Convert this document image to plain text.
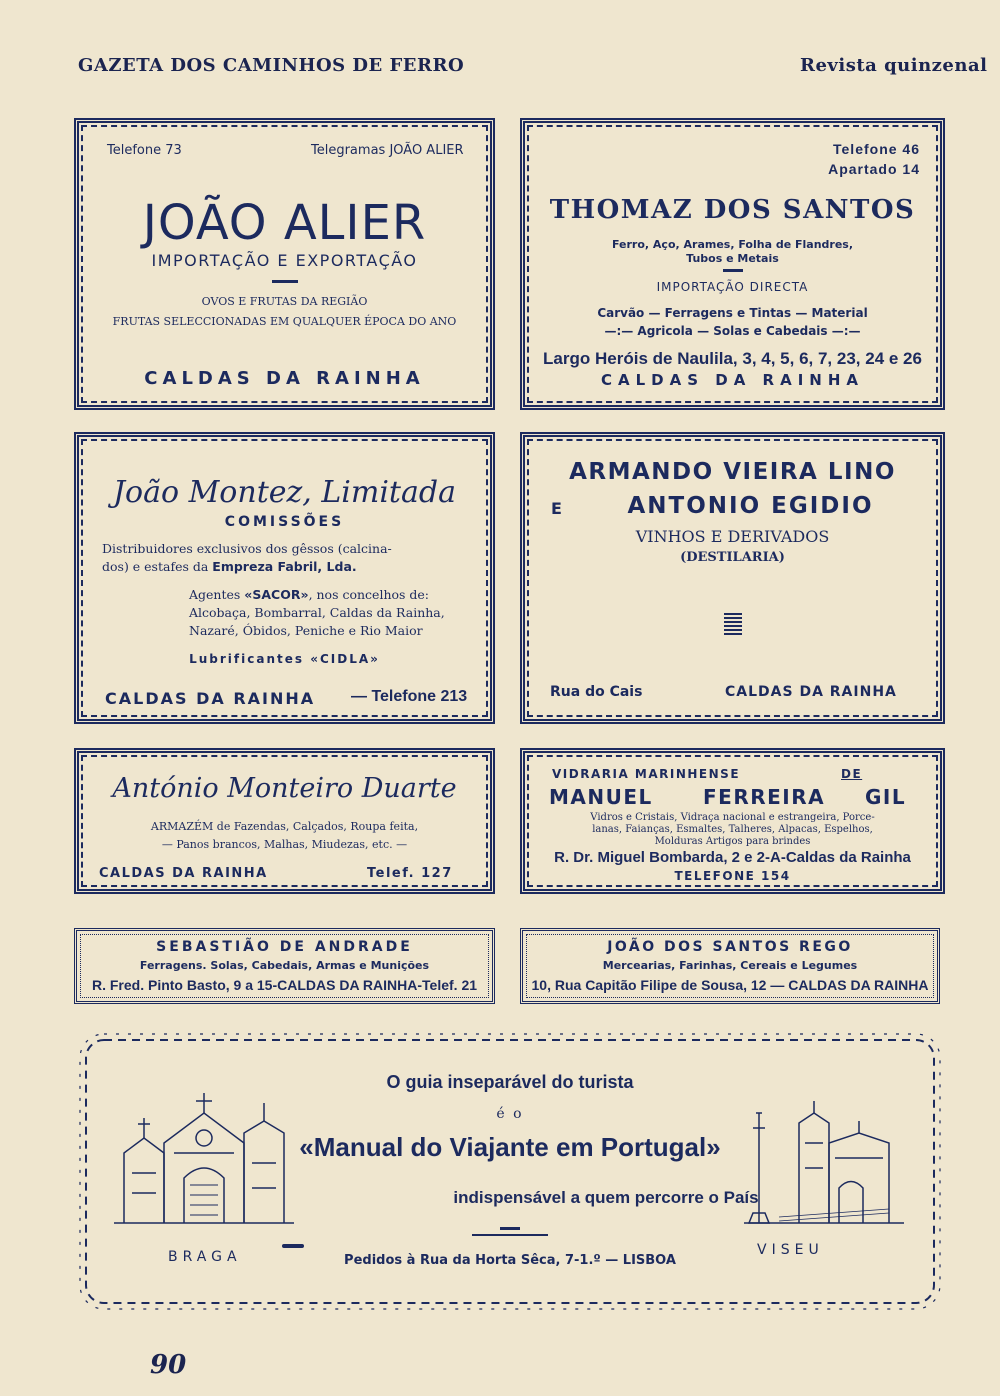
GAZETA DOS CAMINHOS DE FERRO	Revista quinzenal
Telefone 73	Telegramas JOÃO ALIER
JOÃO ALIER
IMPORTAÇÃO E EXPORTAÇÃO
OVOS E FRUTAS DA REGIÃO
FRUTAS SELECCIONADAS EM QUALQUER ÉPOCA DO ANO
CALDAS DA RAINHA
Telefone 46
Apartado 14
THOMAZ DOS SANTOS
Ferro, Aço, Arames, Folha de Flandres,
Tubos e Metais
IMPORTAÇÃO DIRECTA
Carvão — Ferragens e Tintas — Material
—:— Agricola — Solas e Cabedais —:—
Largo Heróis de Naulila, 3, 4, 5, 6, 7, 23, 24 e 26
CALDAS DA RAINHA
João Montez, Limitada
COMISSÕES
Distribuidores exclusivos dos gêssos (calcina-
dos) e estafes da Empreza Fabril, Lda.
Agentes «SACOR», nos concelhos de:
Alcobaça, Bombarral, Caldas da Rainha,
Nazaré, Óbidos, Peniche e Rio Maior
Lubrificantes «CIDLA»
CALDAS DA RAINHA — Telefone 213
ARMANDO VIEIRA LINO
E	ANTONIO EGIDIO
VINHOS E DERIVADOS
(DESTILARIA)
Rua do Cais	CALDAS DA RAINHA
António Monteiro Duarte
ARMAZÉM de Fazendas, Calçados, Roupa feita,
— Panos brancos, Malhas, Miudezas, etc. —
CALDAS DA RAINHA	Telef. 127
VIDRARIA MARINHENSE	DE
MANUEL	FERREIRA GIL
Vidros e Cristais, Vidraça nacional e estrangeira, Porce-
lanas, Faianças, Esmaltes, Talheres, Alpacas, Espelhos,
Molduras Artigos para brindes
R. Dr. Miguel Bombarda, 2 e 2-A-Caldas da Rainha
TELEFONE 154
SEBASTIÃO DE ANDRADE
Ferragens. Solas, Cabedais, Armas e Munições
R. Fred. Pinto Basto, 9 a 15-CALDAS DA RAINHA-Telef. 21
JOÃO DOS SANTOS REGO
Mercearias, Farinhas, Cereais e Legumes
10, Rua Capitão Filipe de Sousa, 12 — CALDAS DA RAINHA
BRAGA	VISEU
O guia inseparável do turista
é o
«Manual do Viajante em Portugal»
indispensável a quem percorre o País
Pedidos à Rua da Horta Sêca, 7-1.º — LISBOA
90
